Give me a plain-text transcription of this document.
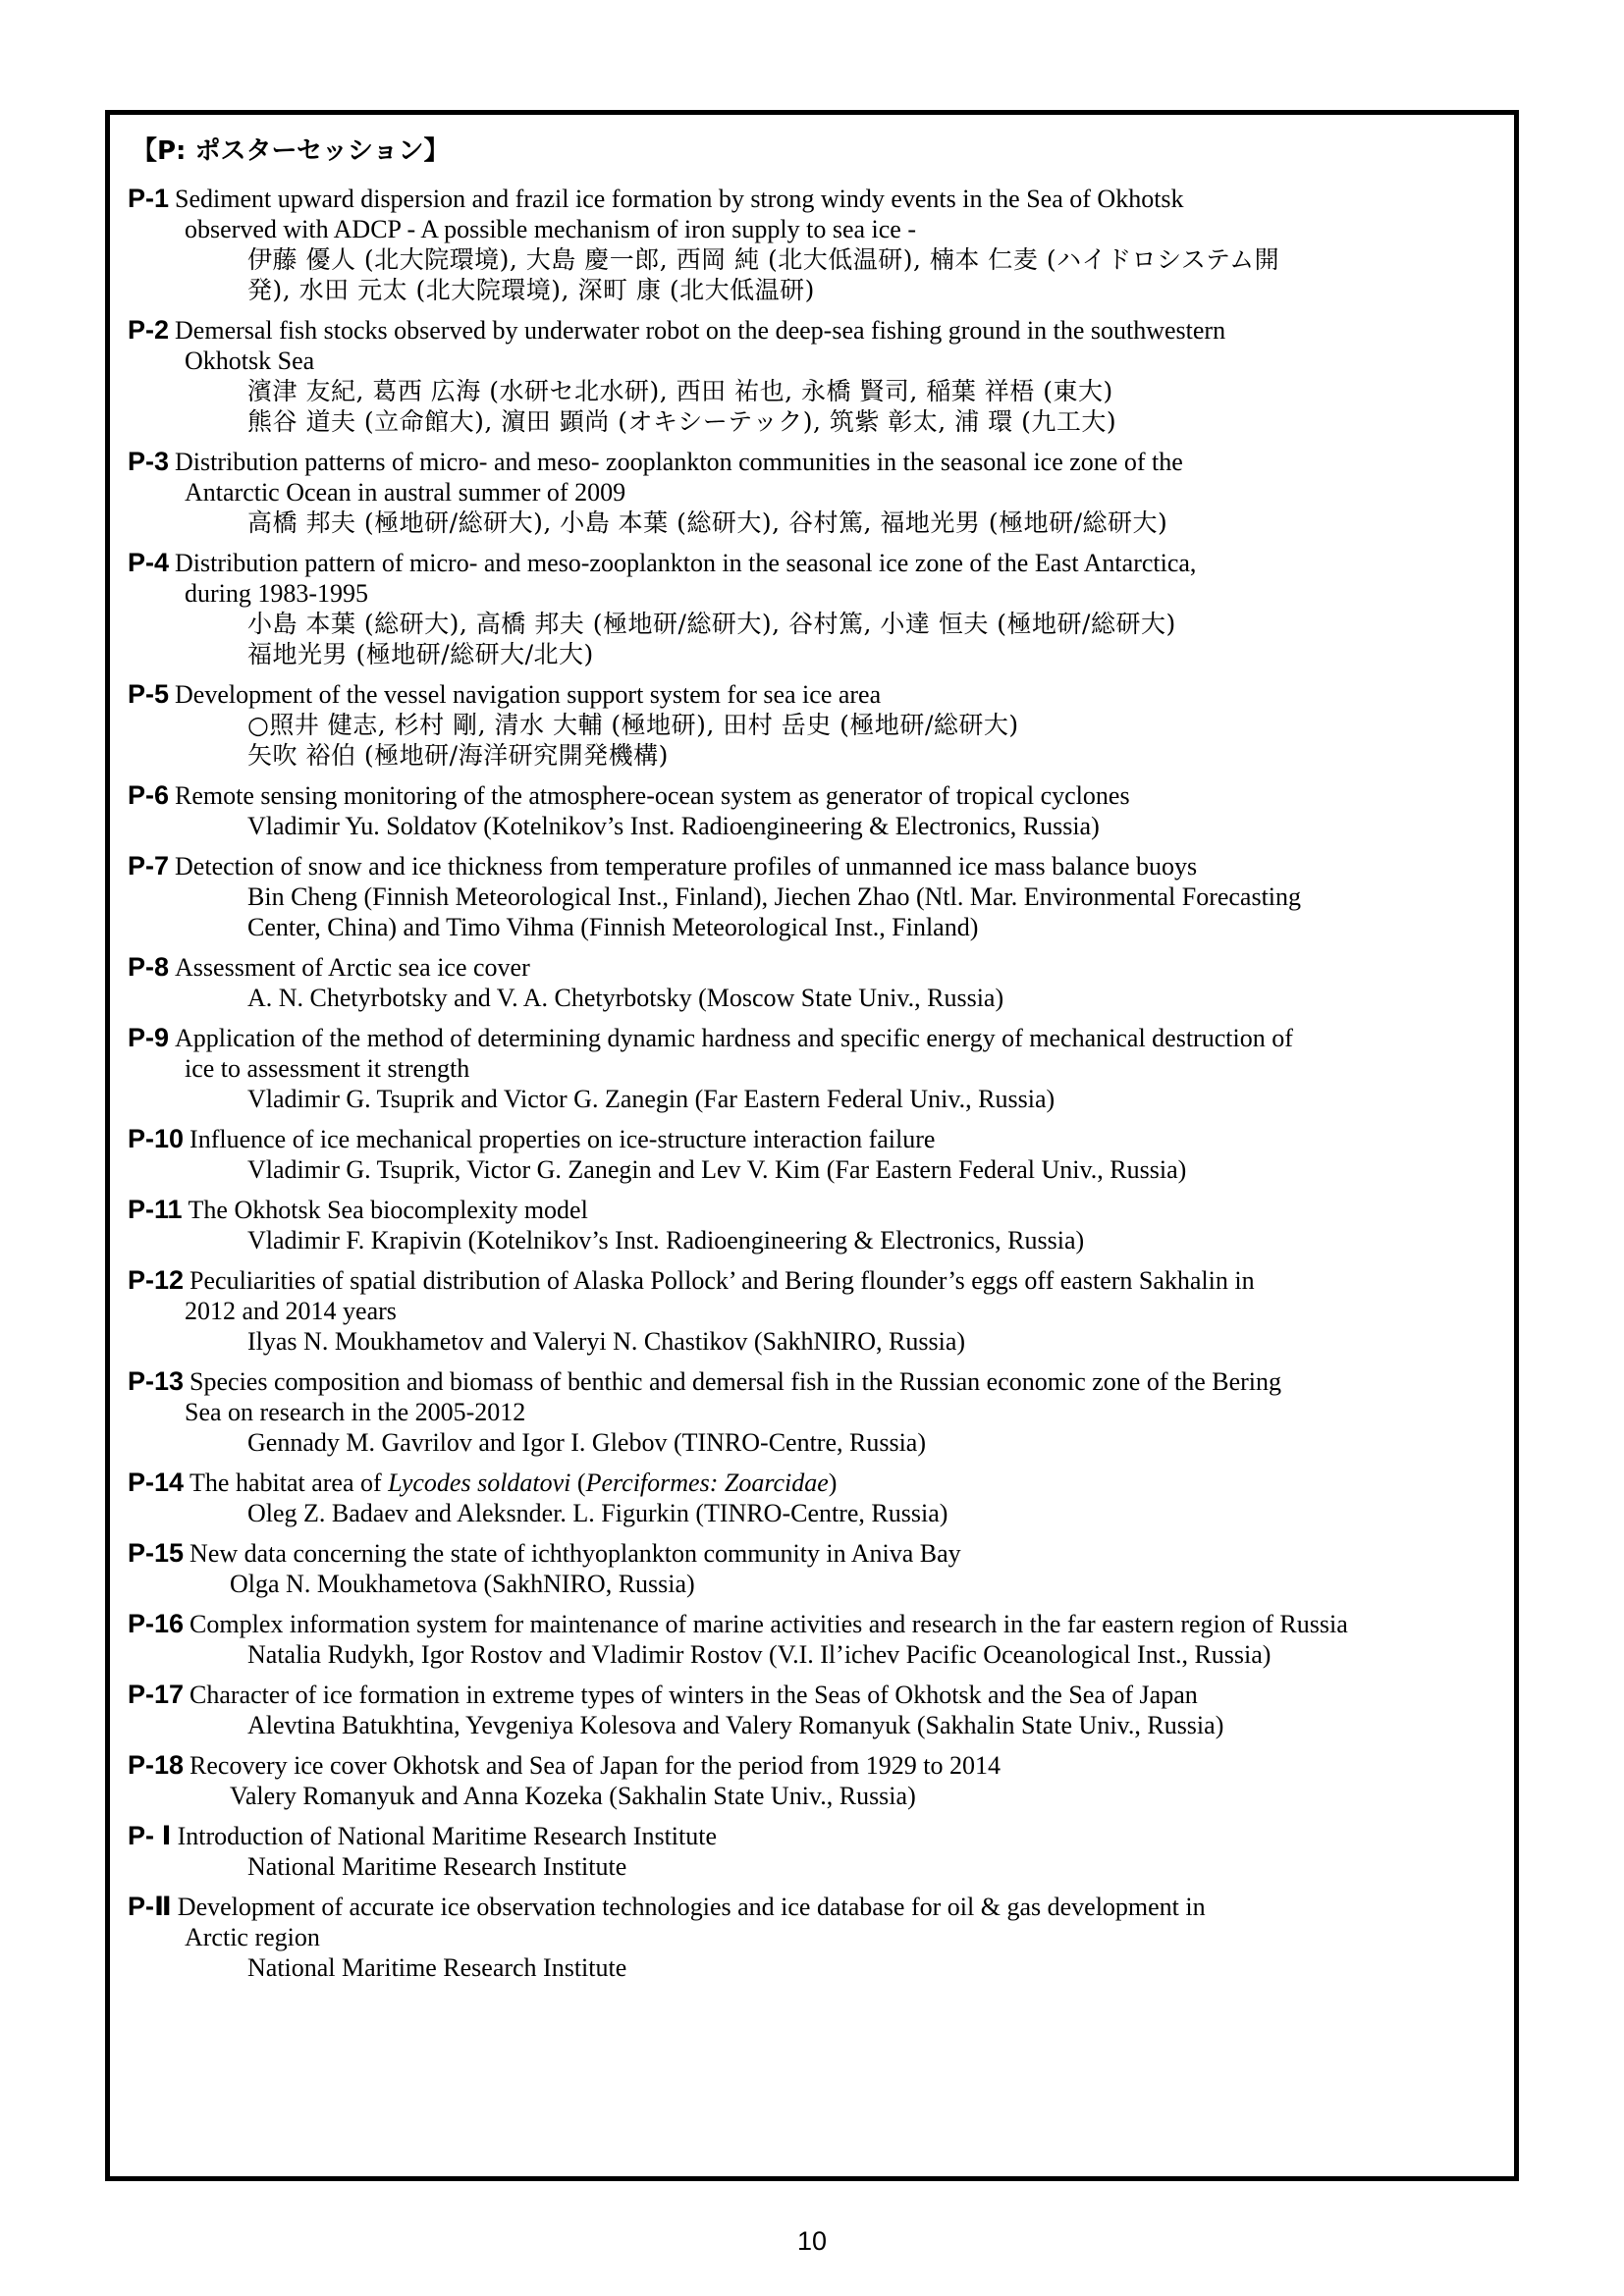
【P: ポスターセッション】
P-1 Sediment upward dispersion and frazil ice formation by strong windy events in the Sea of Okhotsk
observed with ADCP - A possible mechanism of iron supply to sea ice -
伊藤 優人 (北大院環境), 大島 慶一郎, 西岡 純 (北大低温研), 楠本 仁麦 (ハイドロシステム開
発), 水田 元太 (北大院環境), 深町 康 (北大低温研)
P-2 Demersal fish stocks observed by underwater robot on the deep-sea fishing ground in the southwestern
Okhotsk Sea
濱津 友紀, 葛西 広海 (水研セ北水研), 西田 祐也, 永橋 賢司, 稲葉 祥梧 (東大)
熊谷 道夫 (立命館大), 濵田 顕尚 (オキシーテック), 筑紫 彰太, 浦 環 (九工大)
P-3 Distribution patterns of micro- and meso- zooplankton communities in the seasonal ice zone of the
Antarctic Ocean in austral summer of 2009
高橋 邦夫 (極地研/総研大), 小島 本葉 (総研大), 谷村篤, 福地光男 (極地研/総研大)
P-4 Distribution pattern of micro- and meso-zooplankton in the seasonal ice zone of the East Antarctica,
during 1983-1995
小島 本葉 (総研大), 高橋 邦夫 (極地研/総研大), 谷村篤, 小達 恒夫 (極地研/総研大)
福地光男 (極地研/総研大/北大)
P-5 Development of the vessel navigation support system for sea ice area
○照井 健志, 杉村 剛, 清水 大輔 (極地研), 田村 岳史 (極地研/総研大)
矢吹 裕伯 (極地研/海洋研究開発機構)
P-6 Remote sensing monitoring of the atmosphere-ocean system as generator of tropical cyclones
Vladimir Yu. Soldatov (Kotelnikov’s Inst. Radioengineering & Electronics, Russia)
P-7 Detection of snow and ice thickness from temperature profiles of unmanned ice mass balance buoys
Bin Cheng (Finnish Meteorological Inst., Finland), Jiechen Zhao (Ntl. Mar. Environmental Forecasting
Center, China) and Timo Vihma (Finnish Meteorological Inst., Finland)
P-8 Assessment of Arctic sea ice cover
A. N. Chetyrbotsky and V. A. Chetyrbotsky (Moscow State Univ., Russia)
P-9 Application of the method of determining dynamic hardness and specific energy of mechanical destruction of
ice to assessment it strength
Vladimir G. Tsuprik and Victor G. Zanegin (Far Eastern Federal Univ., Russia)
P-10 Influence of ice mechanical properties on ice-structure interaction failure
Vladimir G. Tsuprik, Victor G. Zanegin and Lev V. Kim (Far Eastern Federal Univ., Russia)
P-11 The Okhotsk Sea biocomplexity model
Vladimir F. Krapivin (Kotelnikov’s Inst. Radioengineering & Electronics, Russia)
P-12 Peculiarities of spatial distribution of Alaska Pollock’ and Bering flounder’s eggs off eastern Sakhalin in
2012 and 2014 years
Ilyas N. Moukhametov and Valeryi N. Chastikov (SakhNIRO, Russia)
P-13 Species composition and biomass of benthic and demersal fish in the Russian economic zone of the Bering
Sea on research in the 2005-2012
Gennady M. Gavrilov and Igor I. Glebov (TINRO-Centre, Russia)
P-14 The habitat area of Lycodes soldatovi (Perciformes: Zoarcidae)
Oleg Z. Badaev and Aleksnder. L. Figurkin (TINRO-Centre, Russia)
P-15 New data concerning the state of ichthyoplankton community in Aniva Bay
Olga N. Moukhametova (SakhNIRO, Russia)
P-16 Complex information system for maintenance of marine activities and research in the far eastern region of Russia
Natalia Rudykh, Igor Rostov and Vladimir Rostov (V.I. Il’ichev Pacific Oceanological Inst., Russia)
P-17 Character of ice formation in extreme types of winters in the Seas of Okhotsk and the Sea of Japan
Alevtina Batukhtina, Yevgeniya Kolesova and Valery Romanyuk (Sakhalin State Univ., Russia)
P-18 Recovery ice cover Okhotsk and Sea of Japan for the period from 1929 to 2014
Valery Romanyuk and Anna Kozeka (Sakhalin State Univ., Russia)
P- Ⅰ Introduction of National Maritime Research Institute
National Maritime Research Institute
P-Ⅱ Development of accurate ice observation technologies and ice database for oil & gas development in
Arctic region
National Maritime Research Institute
10
